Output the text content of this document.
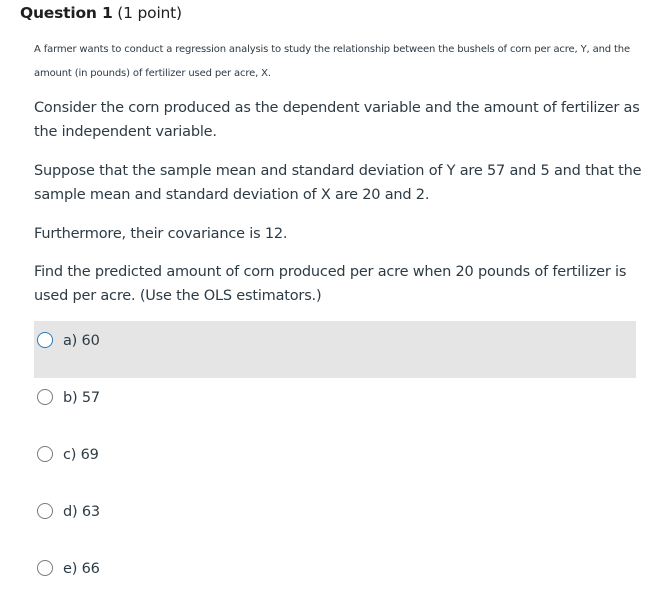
Question 1 (1 point)
A farmer wants to conduct a regression analysis to study the relationship between the bushels of corn per acre, Y, and the amount (in pounds) of fertilizer used per acre, X.
Consider the corn produced as the dependent variable and the amount of fertilizer as the independent variable.
Suppose that the sample mean and standard deviation of Y are 57 and 5 and that the sample mean and standard deviation of X are 20 and 2.
Furthermore, their covariance is 12.
Find the predicted amount of corn produced per acre when 20 pounds of fertilizer is used per acre. (Use the OLS estimators.)
a) 60
b) 57
c) 69
d) 63
e) 66
